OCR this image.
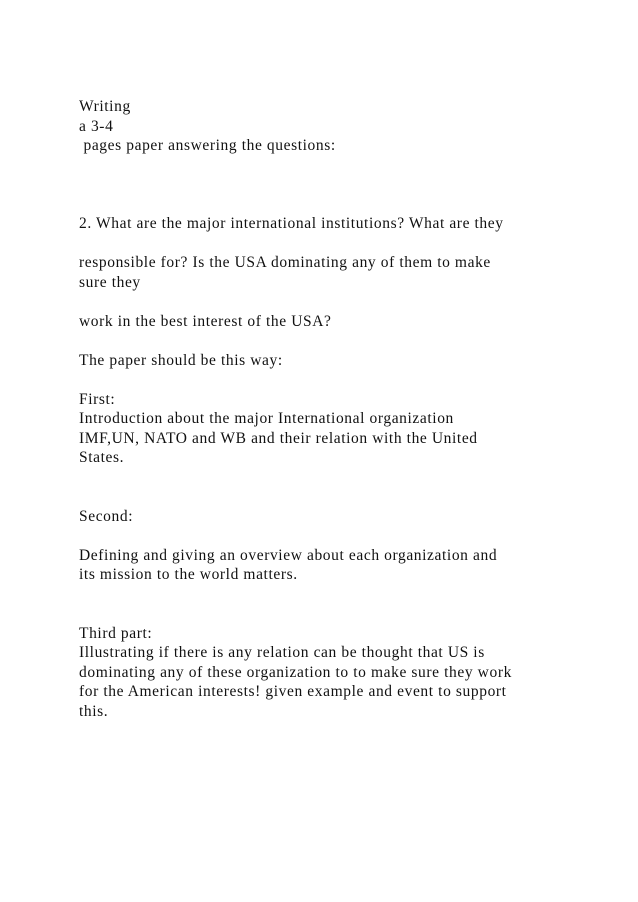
Writing
a 3-4
pages paper answering the questions:
2. What are the major international institutions? What are they
responsible for? Is the USA dominating any of them to make
sure they
work in the best interest of the USA?
The paper should be this way:
First:
Introduction about the major International organization
IMF,UN, NATO and WB and their relation with the United
States.
Second:
Defining and giving an overview about each organization and
its mission to the world matters.
Third part:
Illustrating if there is any relation can be thought that US is
dominating any of these organization to to make sure they work
for the American interests! given example and event to support
this.
